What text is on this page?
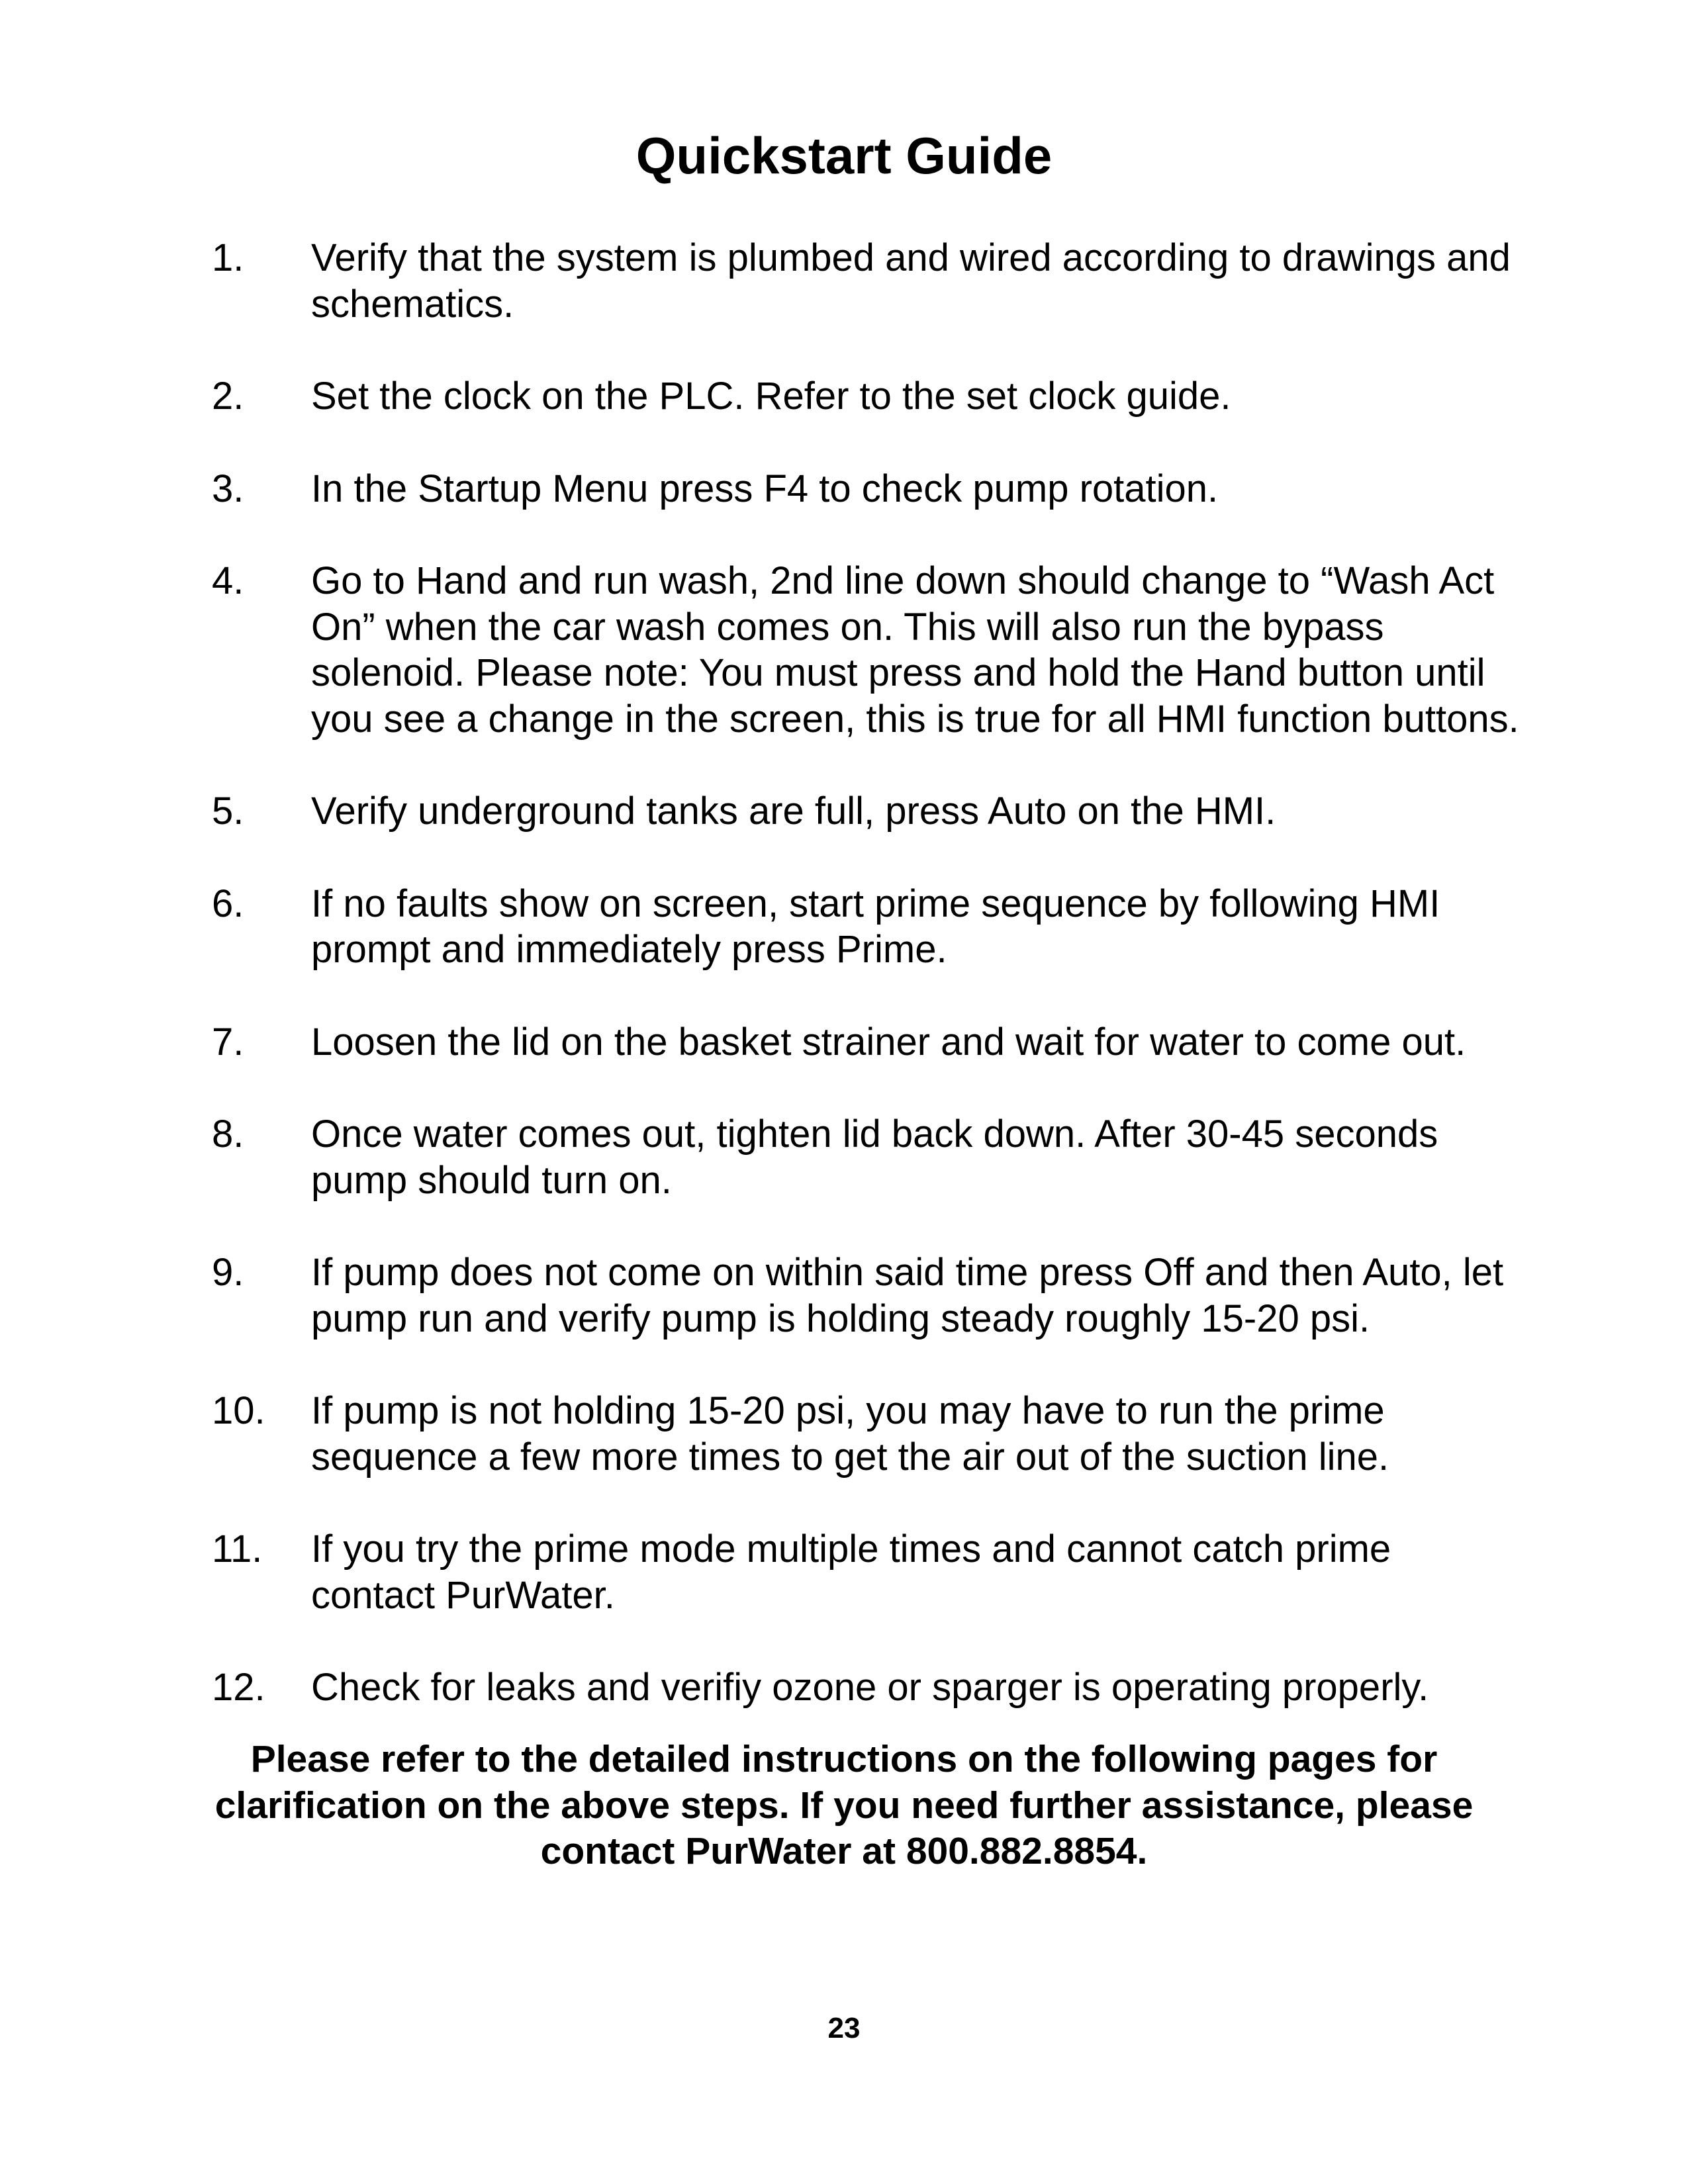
Quickstart Guide
1.	Verify that the system is plumbed and wired according to drawings and schematics.
2.	Set the clock on the PLC. Refer to the set clock guide.
3.	In the Startup Menu press F4 to check pump rotation.
4.	Go to Hand and run wash, 2nd line down should change to “Wash Act On” when the car wash comes on. This will also run the bypass solenoid. Please note: You must press and hold the Hand button until you see a change in the screen, this is true for all HMI function buttons.
5.	Verify underground tanks are full, press Auto on the HMI.
6.	If no faults show on screen, start prime sequence by following HMI prompt and immediately press Prime.
7.	Loosen the lid on the basket strainer and wait for water to come out.
8.	Once water comes out, tighten lid back down. After 30-45 seconds pump should turn on.
9.	If pump does not come on within said time press Off and then Auto, let pump run and verify pump is holding steady roughly 15-20 psi.
10.	If pump is not holding 15-20 psi, you may have to run the prime sequence a few more times to get the air out of the suction line.
11.	If you try the prime mode multiple times and cannot catch prime contact PurWater.
12.	Check for leaks and verifiy ozone or sparger is operating properly.

Please refer to the detailed instructions on the following pages for clarification on the above steps. If you need further assistance, please contact PurWater at 800.882.8854.

23
